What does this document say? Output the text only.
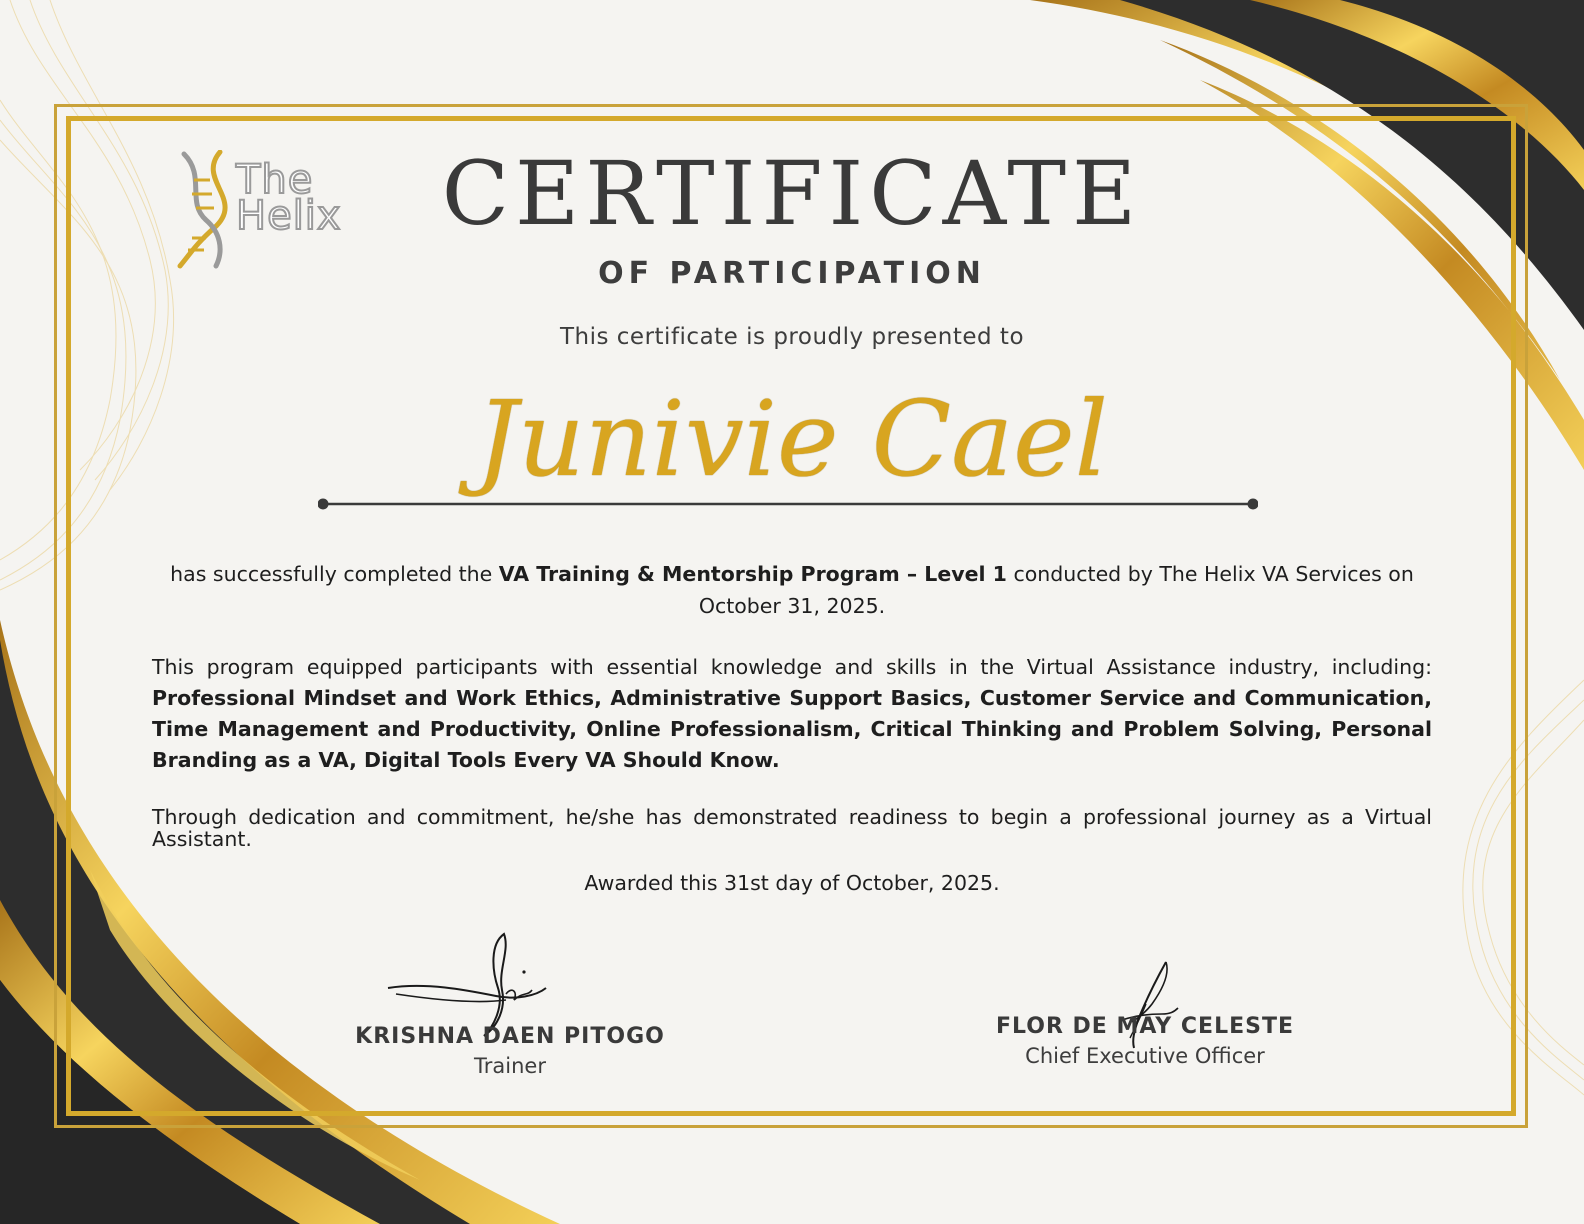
The
Helix	CERTIFICATE
OF PARTICIPATION
This certificate is proudly presented to
Junivie Cael
has successfully completed the VA Training & Mentorship Program – Level 1 conducted by The Helix VA Services on October 31, 2025.
This program equipped participants with essential knowledge and skills in the Virtual Assistance industry, including: Professional Mindset and Work Ethics, Administrative Support Basics, Customer Service and Communication, Time Management and Productivity, Online Professionalism, Critical Thinking and Problem Solving, Personal Branding as a VA, Digital Tools Every VA Should Know.
Through dedication and commitment, he/she has demonstrated readiness to begin a professional journey as a Virtual Assistant.
Awarded this 31st day of October, 2025.
KRISHNA DAEN PITOGO
Trainer
FLOR DE MAY CELESTE
Chief Executive Officer
